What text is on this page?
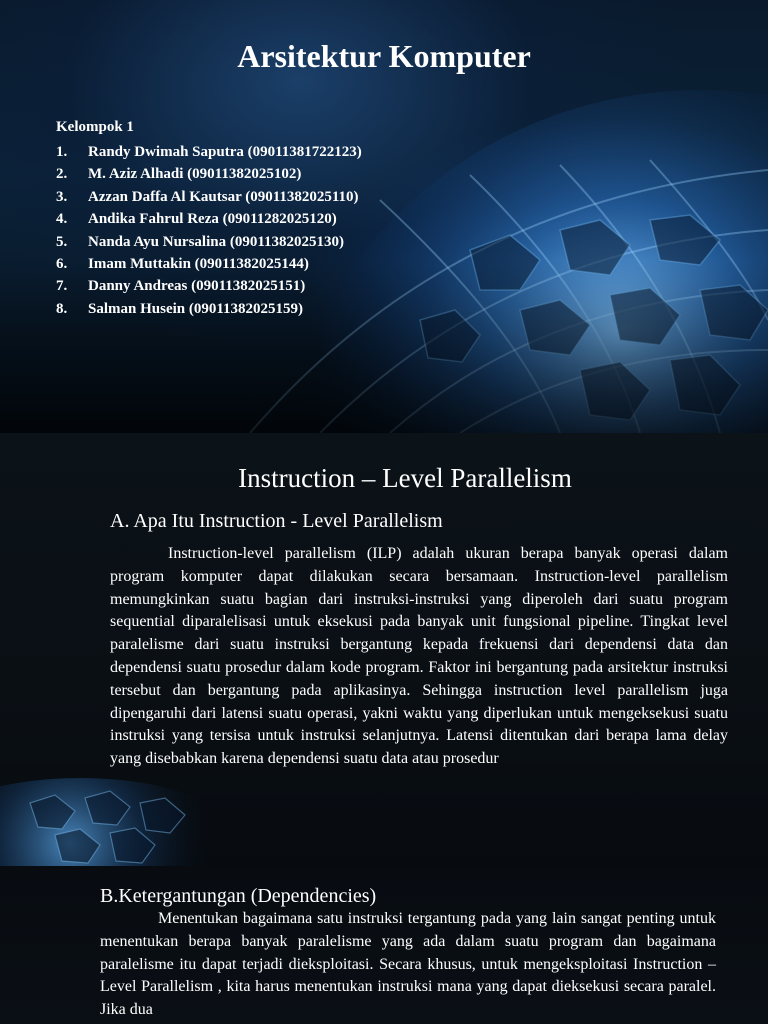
Arsitektur Komputer
Kelompok 1
1.	Randy Dwimah Saputra (09011381722123)
2.	M. Aziz Alhadi (09011382025102)
3.	Azzan Daffa Al Kautsar (09011382025110)
4.	Andika Fahrul Reza (09011282025120)
5.	Nanda Ayu Nursalina (09011382025130)
6.	Imam Muttakin (09011382025144)
7.	Danny Andreas (09011382025151)
8.	Salman Husein (09011382025159)
Instruction – Level Parallelism
A. Apa Itu Instruction - Level Parallelism

Instruction-level parallelism (ILP) adalah ukuran berapa banyak operasi dalam program komputer dapat dilakukan secara bersamaan. Instruction-level parallelism memungkinkan suatu bagian dari instruksi-instruksi yang diperoleh dari suatu program sequential diparalelisasi untuk eksekusi pada banyak unit fungsional pipeline. Tingkat level paralelisme dari suatu instruksi bergantung kepada frekuensi dari dependensi data dan dependensi suatu prosedur dalam kode program. Faktor ini bergantung pada arsitektur instruksi tersebut dan bergantung pada aplikasinya. Sehingga instruction level parallelism juga dipengaruhi dari latensi suatu operasi, yakni waktu yang diperlukan untuk mengeksekusi suatu instruksi yang tersisa untuk instruksi selanjutnya. Latensi ditentukan dari berapa lama delay yang disebabkan karena dependensi suatu data atau prosedur

B.Ketergantungan (Dependencies)

Menentukan bagaimana satu instruksi tergantung pada yang lain sangat penting untuk menentukan berapa banyak paralelisme yang ada dalam suatu program dan bagaimana paralelisme itu dapat terjadi dieksploitasi. Secara khusus, untuk mengeksploitasi Instruction – Level Parallelism , kita harus menentukan instruksi mana yang dapat dieksekusi secara paralel. Jika dua
